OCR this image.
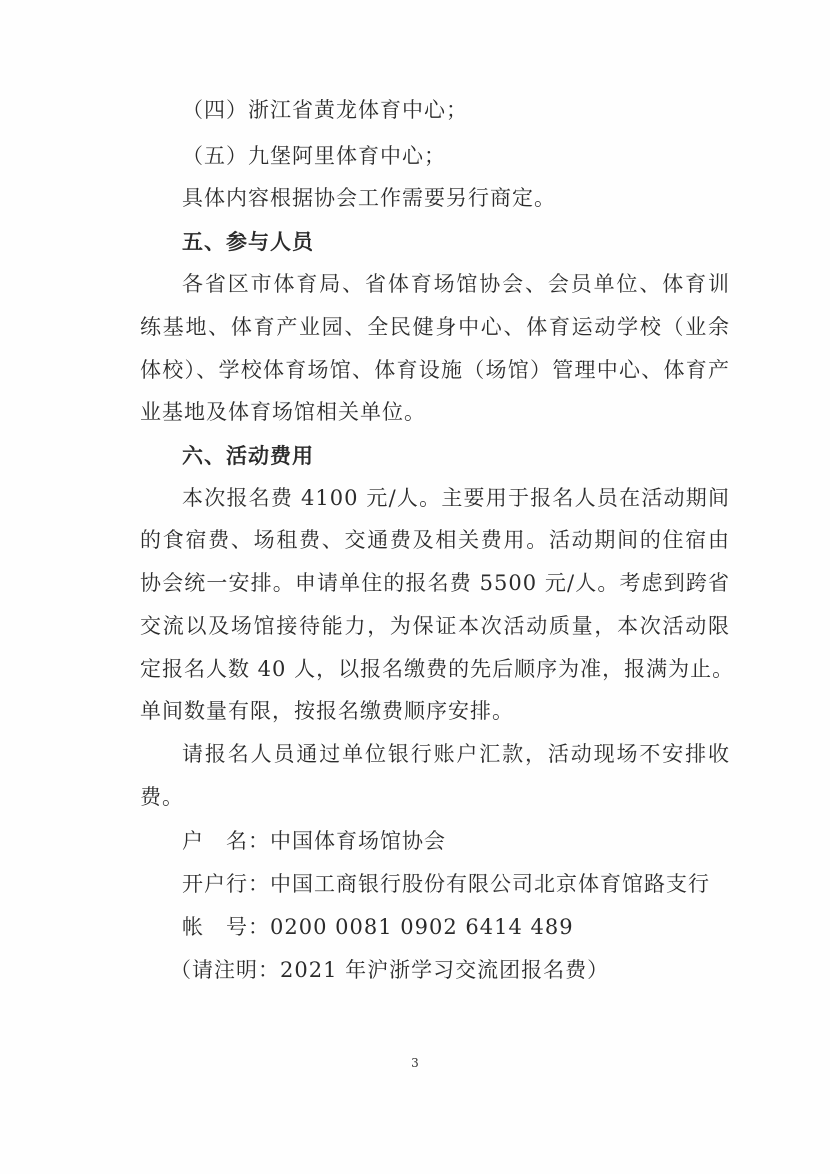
（四）浙江省黄龙体育中心；
（五）九堡阿里体育中心；
具体内容根据协会工作需要另行商定。
五、参与人员
各省区市体育局、省体育场馆协会、会员单位、体育训
练基地、体育产业园、全民健身中心、体育运动学校（业余
体校）、学校体育场馆、体育设施（场馆）管理中心、体育产
业基地及体育场馆相关单位。
六、活动费用
本次报名费 4100 元/人。主要用于报名人员在活动期间
的食宿费、场租费、交通费及相关费用。活动期间的住宿由
协会统一安排。申请单住的报名费 5500 元/人。考虑到跨省
交流以及场馆接待能力，为保证本次活动质量，本次活动限
定报名人数 40 人，以报名缴费的先后顺序为准，报满为止。
单间数量有限，按报名缴费顺序安排。
请报名人员通过单位银行账户汇款，活动现场不安排收
费。
户　名：中国体育场馆协会
开户行：中国工商银行股份有限公司北京体育馆路支行
帐　号：0200 0081 0902 6414 489
（请注明：2021 年沪浙学习交流团报名费）
3
